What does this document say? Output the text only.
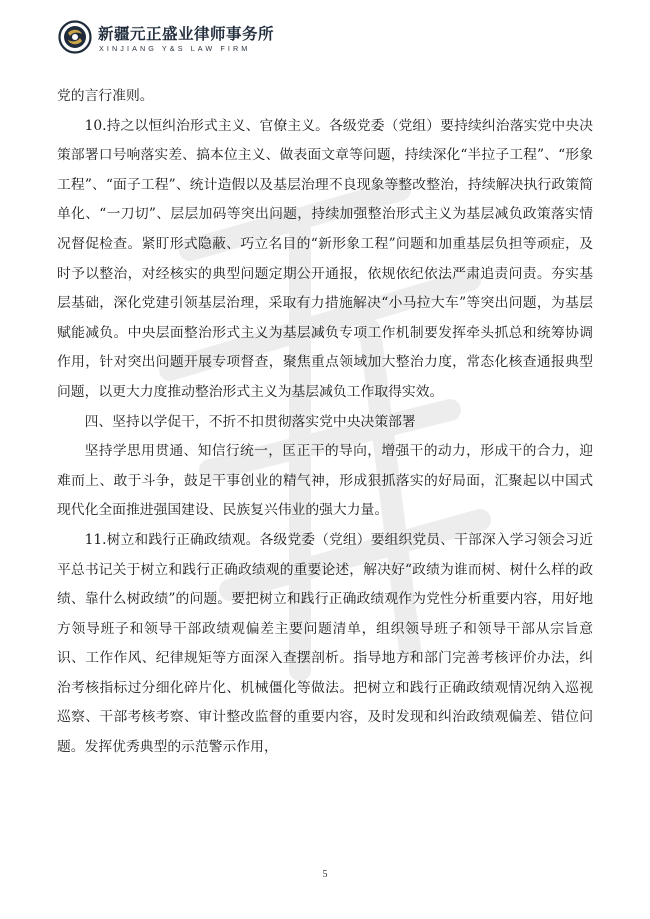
新疆元正盛业律师事务所
XINJIANG Y&S LAW FIRM

党的言行准则。

10.持之以恒纠治形式主义、官僚主义。各级党委（党组）要持续纠治落实党中央决策部署口号响落实差、搞本位主义、做表面文章等问题，持续深化“半拉子工程”、“形象工程”、“面子工程”、统计造假以及基层治理不良现象等整改整治，持续解决执行政策简单化、“一刀切”、层层加码等突出问题，持续加强整治形式主义为基层减负政策落实情况督促检查。紧盯形式隐蔽、巧立名目的“新形象工程”问题和加重基层负担等顽症，及时予以整治，对经核实的典型问题定期公开通报，依规依纪依法严肃追责问责。夯实基层基础，深化党建引领基层治理，采取有力措施解决“小马拉大车”等突出问题，为基层赋能减负。中央层面整治形式主义为基层减负专项工作机制要发挥牵头抓总和统筹协调作用，针对突出问题开展专项督查，聚焦重点领域加大整治力度，常态化核查通报典型问题，以更大力度推动整治形式主义为基层减负工作取得实效。

四、坚持以学促干，不折不扣贯彻落实党中央决策部署

坚持学思用贯通、知信行统一，匡正干的导向，增强干的动力，形成干的合力，迎难而上、敢于斗争，鼓足干事创业的精气神，形成狠抓落实的好局面，汇聚起以中国式现代化全面推进强国建设、民族复兴伟业的强大力量。

11.树立和践行正确政绩观。各级党委（党组）要组织党员、干部深入学习领会习近平总书记关于树立和践行正确政绩观的重要论述，解决好“政绩为谁而树、树什么样的政绩、靠什么树政绩”的问题。要把树立和践行正确政绩观作为党性分析重要内容，用好地方领导班子和领导干部政绩观偏差主要问题清单，组织领导班子和领导干部从宗旨意识、工作作风、纪律规矩等方面深入查摆剖析。指导地方和部门完善考核评价办法，纠治考核指标过分细化碎片化、机械僵化等做法。把树立和践行正确政绩观情况纳入巡视巡察、干部考核考察、审计整改监督的重要内容，及时发现和纠治政绩观偏差、错位问题。发挥优秀典型的示范警示作用，

5
